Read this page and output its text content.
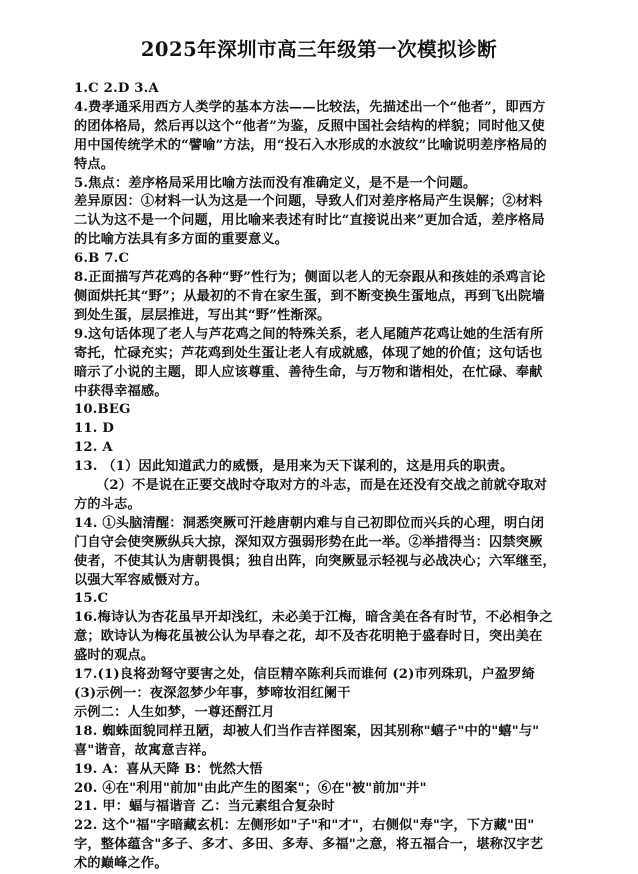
2025年深圳市高三年级第一次模拟诊断
1.C 2.D 3.A
4.费孝通采用西方人类学的基本方法——比较法，先描述出一个“他者”，即西方
的团体格局，然后再以这个“他者”为鉴，反照中国社会结构的样貌；同时他又使
用中国传统学术的“譬喻”方法，用“投石入水形成的水波纹”比喻说明差序格局的
特点。
5.焦点：差序格局采用比喻方法而没有准确定义，是不是一个问题。
差异原因：①材料一认为这是一个问题，导致人们对差序格局产生误解；②材料
二认为这不是一个问题，用比喻来表述有时比“直接说出来”更加合适，差序格局
的比喻方法具有多方面的重要意义。
6.B 7.C
8.正面描写芦花鸡的各种“野”性行为；侧面以老人的无奈跟从和孩娃的杀鸡言论
侧面烘托其“野”；从最初的不肯在家生蛋，到不断变换生蛋地点，再到飞出院墙
到处生蛋，层层推进，写出其“野”性渐深。
9.这句话体现了老人与芦花鸡之间的特殊关系，老人尾随芦花鸡让她的生活有所
寄托，忙碌充实；芦花鸡到处生蛋让老人有成就感，体现了她的价值；这句话也
暗示了小说的主题，即人应该尊重、善待生命，与万物和谐相处，在忙碌、奉献
中获得幸福感。
10.BEG
11. D
12. A
13. （1）因此知道武力的威慑，是用来为天下谋利的，这是用兵的职责。
（2）不是说在正要交战时夺取对方的斗志，而是在还没有交战之前就夺取对
方的斗志。
14. ①头脑清醒：洞悉突厥可汗趁唐朝内难与自己初即位而兴兵的心理，明白闭
门自守会使突厥纵兵大掠，深知双方强弱形势在此一举。②举措得当：囚禁突厥
使者，不使其认为唐朝畏惧；独自出阵，向突厥显示轻视与必战决心；六军继至，
以强大军容威慑对方。
15.C
16.梅诗认为杏花虽早开却浅红，未必美于江梅，暗含美在各有时节，不必相争之
意；欧诗认为梅花虽被公认为早春之花，却不及杏花明艳于盛春时日，突出美在
盛时的观点。
17.(1)良将劲弩守要害之处，信臣精卒陈利兵而谁何 (2)市列珠玑，户盈罗绮
(3)示例一：夜深忽梦少年事，梦啼妆泪红阑干
示例二：人生如梦，一尊还酹江月
18. 蜘蛛面貌同样丑陋，却被人们当作吉祥图案，因其别称"蟢子"中的"蟢"与"
喜"谐音，故寓意吉祥。
19. A：喜从天降 B：恍然大悟
20. ④在"利用"前加"由此产生的图案"；⑥在"被"前加"并"
21. 甲：蝠与福谐音 乙：当元素组合复杂时
22. 这个"福"字暗藏玄机：左侧形如"子"和"才"，右侧似"寿"字，下方藏"田"
字，整体蕴含"多子、多才、多田、多寿、多福"之意，将五福合一，堪称汉字艺
术的巅峰之作。
